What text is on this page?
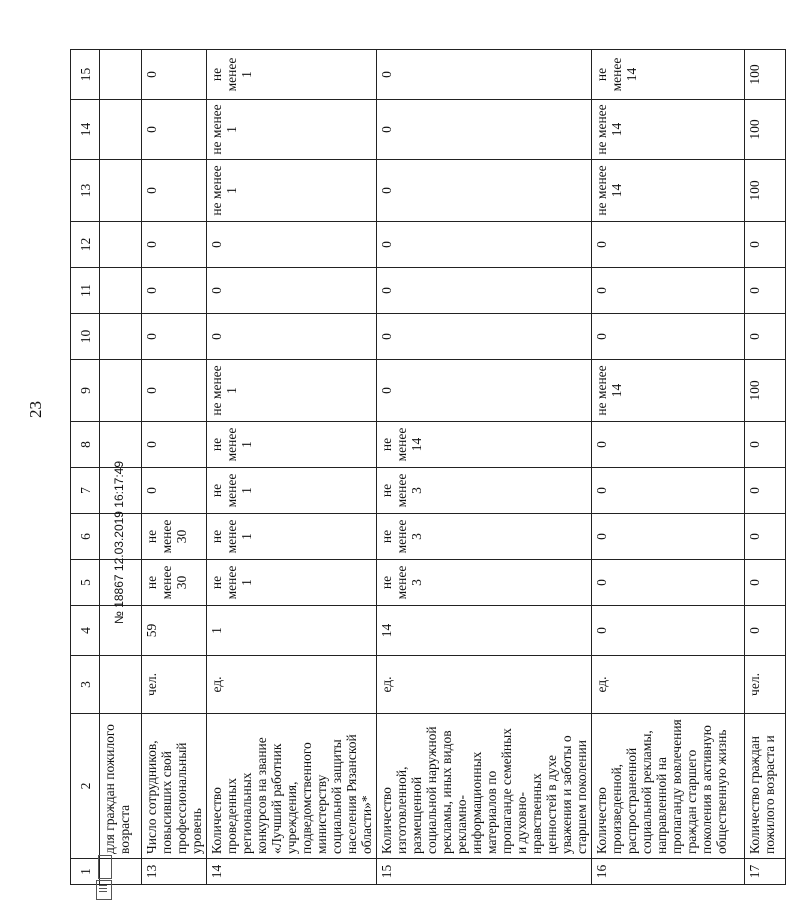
23
1	2	3	4	5	6	7	8	9	10	11	12	13	14	15
	для граждан пожилого возраста													
13	Число сотрудников, повысивших свой профессиональный уровень	чел.	59	не менее 30	не менее 30	0	0	0	0	0	0	0	0	0
14	Количество проведенных региональных конкурсов на звание «Лучший работник учреждения, подведомственного министерству социальной защиты населения Рязанской области»*	ед.	1	не менее 1	не менее 1	не менее 1	не менее 1	не менее 1	0	0	0	не менее 1	не менее 1	не менее 1
15	Количество изготовленной, размещенной социальной наружной рекламы, иных видов рекламно-информационных материалов по пропаганде семейных и духовно-нравственных ценностей в духе уважения и заботы о старшем поколении	ед.	14	не менее 3	не менее 3	не менее 3	не менее 14	0	0	0	0	0	0	0
16	Количество произведенной, распространенной социальной рекламы, направленной на пропаганду вовлечения граждан старшего поколения в активную общественную жизнь	ед.	0	0	0	0	0	не менее 14	0	0	0	не менее 14	не менее 14	не менее 14
17	Количество граждан пожилого возраста и	чел.	0	0	0	0	0	100	0	0	0	100	100	100
№ 18867 12.03.2019 16:17:49
